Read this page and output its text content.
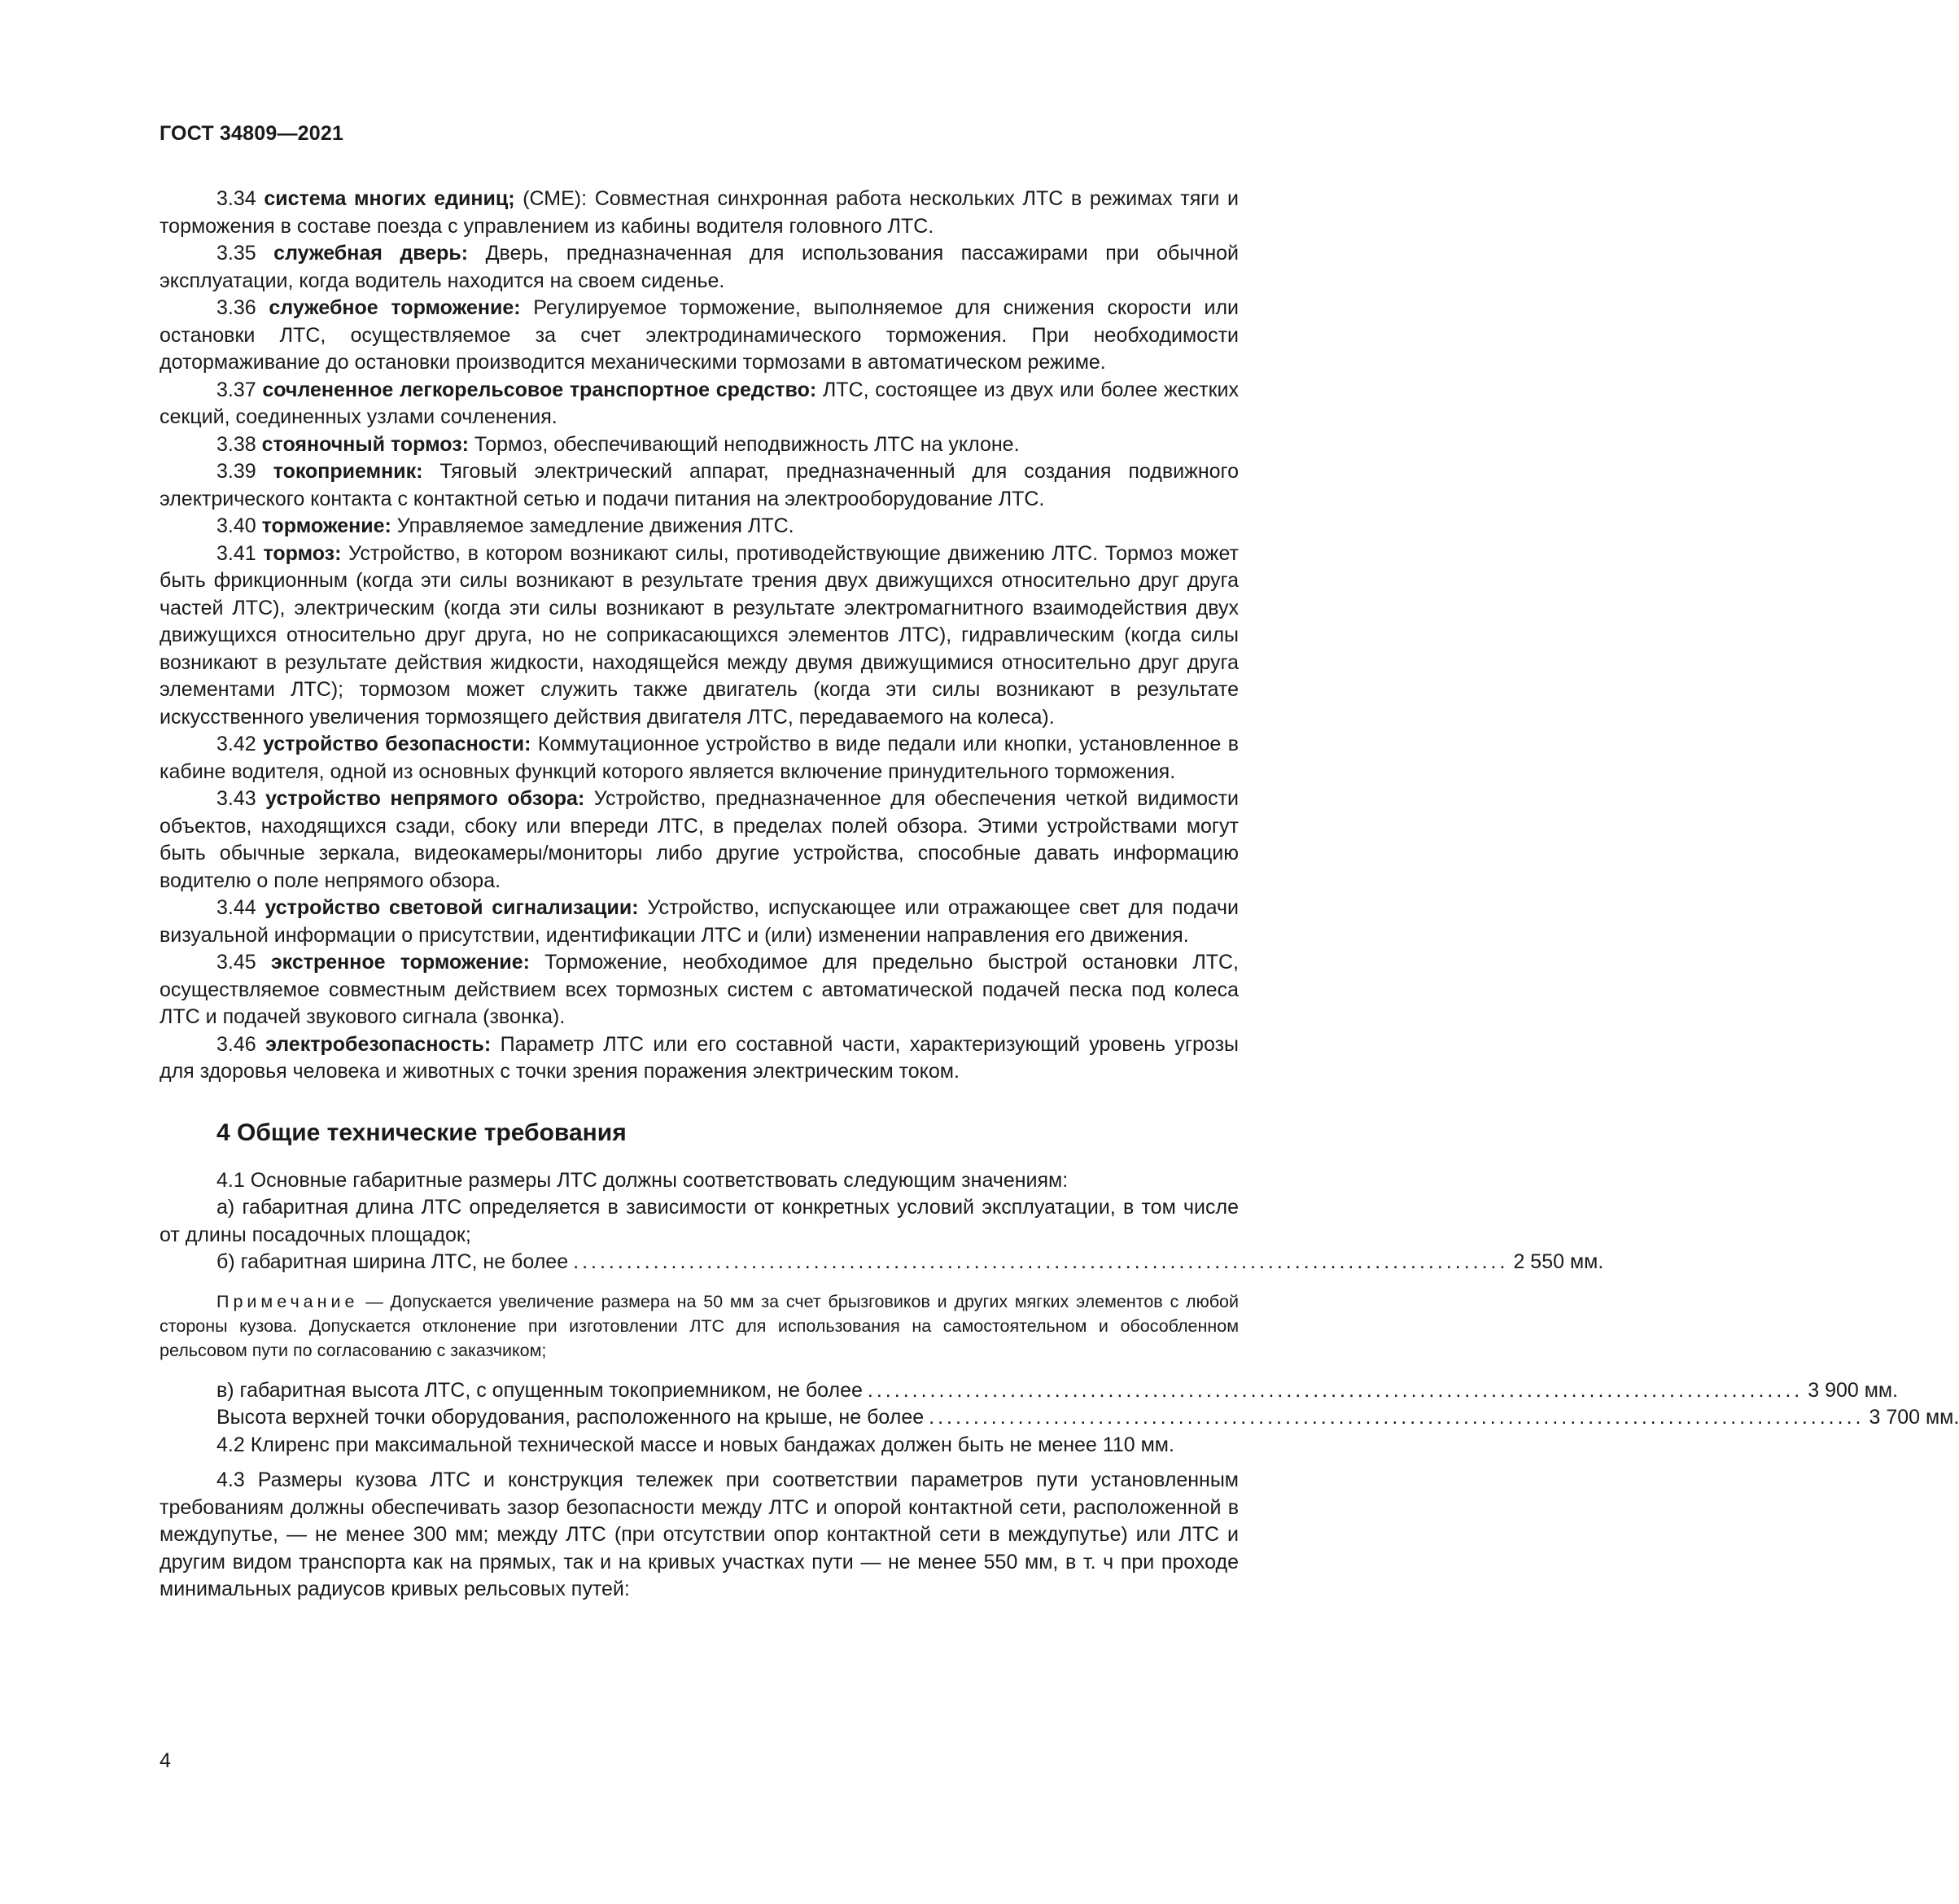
ГОСТ 34809—2021

3.34 система многих единиц; (СМЕ): Совместная синхронная работа нескольких ЛТС в режимах тяги и торможения в составе поезда с управлением из кабины водителя головного ЛТС.

3.35 служебная дверь: Дверь, предназначенная для использования пассажирами при обычной эксплуатации, когда водитель находится на своем сиденье.

3.36 служебное торможение: Регулируемое торможение, выполняемое для снижения скорости или остановки ЛТС, осуществляемое за счет электродинамического торможения. При необходимости дотормаживание до остановки производится механическими тормозами в автоматическом режиме.

3.37 сочлененное легкорельсовое транспортное средство: ЛТС, состоящее из двух или более жестких секций, соединенных узлами сочленения.

3.38 стояночный тормоз: Тормоз, обеспечивающий неподвижность ЛТС на уклоне.

3.39 токоприемник: Тяговый электрический аппарат, предназначенный для создания подвижного электрического контакта с контактной сетью и подачи питания на электрооборудование ЛТС.

3.40 торможение: Управляемое замедление движения ЛТС.

3.41 тормоз: Устройство, в котором возникают силы, противодействующие движению ЛТС. Тормоз может быть фрикционным (когда эти силы возникают в результате трения двух движущихся относительно друг друга частей ЛТС), электрическим (когда эти силы возникают в результате электромагнитного взаимодействия двух движущихся относительно друг друга, но не соприкасающихся элементов ЛТС), гидравлическим (когда силы возникают в результате действия жидкости, находящейся между двумя движущимися относительно друг друга элементами ЛТС); тормозом может служить также двигатель (когда эти силы возникают в результате искусственного увеличения тормозящего действия двигателя ЛТС, передаваемого на колеса).

3.42 устройство безопасности: Коммутационное устройство в виде педали или кнопки, установленное в кабине водителя, одной из основных функций которого является включение принудительного торможения.

3.43 устройство непрямого обзора: Устройство, предназначенное для обеспечения четкой видимости объектов, находящихся сзади, сбоку или впереди ЛТС, в пределах полей обзора. Этими устройствами могут быть обычные зеркала, видеокамеры/мониторы либо другие устройства, способные давать информацию водителю о поле непрямого обзора.

3.44 устройство световой сигнализации: Устройство, испускающее или отражающее свет для подачи визуальной информации о присутствии, идентификации ЛТС и (или) изменении направления его движения.

3.45 экстренное торможение: Торможение, необходимое для предельно быстрой остановки ЛТС, осуществляемое совместным действием всех тормозных систем с автоматической подачей песка под колеса ЛТС и подачей звукового сигнала (звонка).

3.46 электробезопасность: Параметр ЛТС или его составной части, характеризующий уровень угрозы для здоровья человека и животных с точки зрения поражения электрическим током.

4 Общие технические требования

4.1 Основные габаритные размеры ЛТС должны соответствовать следующим значениям:

а) габаритная длина ЛТС определяется в зависимости от конкретных условий эксплуатации, в том числе от длины посадочных площадок;

б) габаритная ширина ЛТС, не более ......................................................................................................... 2 550 мм.

Примечание — Допускается увеличение размера на 50 мм за счет брызговиков и других мягких элементов с любой стороны кузова. Допускается отклонение при изготовлении ЛТС для использования на самостоятельном и обособленном рельсовом пути по согласованию с заказчиком;

в) габаритная высота ЛТС, с опущенным токоприемником, не более ......................................................................................................... 3 900 мм.
Высота верхней точки оборудования, расположенного на крыше, не более ......................................................................................................... 3 700 мм.

4.2 Клиренс при максимальной технической массе и новых бандажах должен быть не менее 110 мм.

4.3 Размеры кузова ЛТС и конструкция тележек при соответствии параметров пути установленным требованиям должны обеспечивать зазор безопасности между ЛТС и опорой контактной сети, расположенной в междупутье, — не менее 300 мм; между ЛТС (при отсутствии опор контактной сети в междупутье) или ЛТС и другим видом транспорта как на прямых, так и на кривых участках пути — не менее 550 мм, в т. ч при проходе минимальных радиусов кривых рельсовых путей:

4
